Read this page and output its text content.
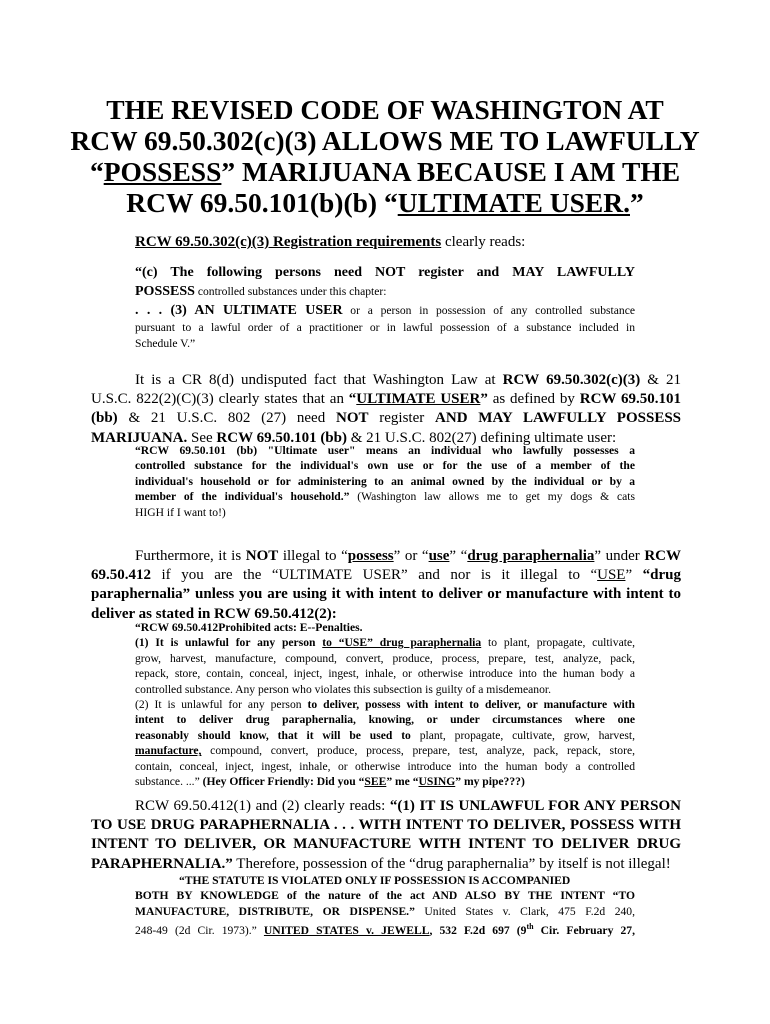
THE REVISED CODE OF WASHINGTON AT
RCW 69.50.302(c)(3) ALLOWS ME TO LAWFULLY
“POSSESS” MARIJUANA BECAUSE I AM THE
RCW 69.50.101(b)(b) “ULTIMATE USER.”
RCW 69.50.302(c)(3) Registration requirements clearly reads:
“(c) The following persons need NOT register and MAY LAWFULLY
POSSESS controlled substances under this chapter:
. . . (3) AN ULTIMATE USER or a person in possession of any controlled substance
pursuant to a lawful order of a practitioner or in lawful possession of a substance included in
Schedule V.”
It is a CR 8(d) undisputed fact that Washington Law at RCW 69.50.302(c)(3) & 21
U.S.C. 822(2)(C)(3) clearly states that an “ULTIMATE USER” as defined by RCW 69.50.101
(bb) & 21 U.S.C. 802 (27) need NOT register AND MAY LAWFULLY POSSESS
MARIJUANA. See RCW 69.50.101 (bb) & 21 U.S.C. 802(27) defining ultimate user:
“RCW 69.50.101 (bb) "Ultimate user" means an individual who lawfully possesses a
controlled substance for the individual's own use or for the use of a member of the
individual's household or for administering to an animal owned by the individual or by a
member of the individual's household.” (Washington law allows me to get my dogs & cats
HIGH if I want to!)
Furthermore, it is NOT illegal to “possess” or “use” “drug paraphernalia” under RCW
69.50.412 if you are the “ULTIMATE USER” and nor is it illegal to “USE” “drug
paraphernalia” unless you are using it with intent to deliver or manufacture with intent to
deliver as stated in RCW 69.50.412(2):
“RCW 69.50.412Prohibited acts: E--Penalties.
(1) It is unlawful for any person to “USE” drug paraphernalia to plant, propagate, cultivate,
grow, harvest, manufacture, compound, convert, produce, process, prepare, test, analyze, pack,
repack, store, contain, conceal, inject, ingest, inhale, or otherwise introduce into the human body a
controlled substance. Any person who violates this subsection is guilty of a misdemeanor.
(2) It is unlawful for any person to deliver, possess with intent to deliver, or manufacture with
intent to deliver drug paraphernalia, knowing, or under circumstances where one
reasonably should know, that it will be used to plant, propagate, cultivate, grow, harvest,
manufacture, compound, convert, produce, process, prepare, test, analyze, pack, repack, store,
contain, conceal, inject, ingest, inhale, or otherwise introduce into the human body a controlled
substance. ...” (Hey Officer Friendly: Did you “SEE” me “USING” my pipe???)
RCW 69.50.412(1) and (2) clearly reads: “(1) IT IS UNLAWFUL FOR ANY PERSON
TO USE DRUG PARAPHERNALIA . . . WITH INTENT TO DELIVER, POSSESS WITH
INTENT TO DELIVER, OR MANUFACTURE WITH INTENT TO DELIVER DRUG
PARAPHERNALIA.” Therefore, possession of the “drug paraphernalia” by itself is not illegal!
“THE STATUTE IS VIOLATED ONLY IF POSSESSION IS ACCOMPANIED
BOTH BY KNOWLEDGE of the nature of the act AND ALSO BY THE INTENT “TO
MANUFACTURE, DISTRIBUTE, OR DISPENSE.” United States v. Clark, 475 F.2d 240,
248-49 (2d Cir. 1973).” UNITED STATES v. JEWELL, 532 F.2d 697 (9th Cir. February 27,
